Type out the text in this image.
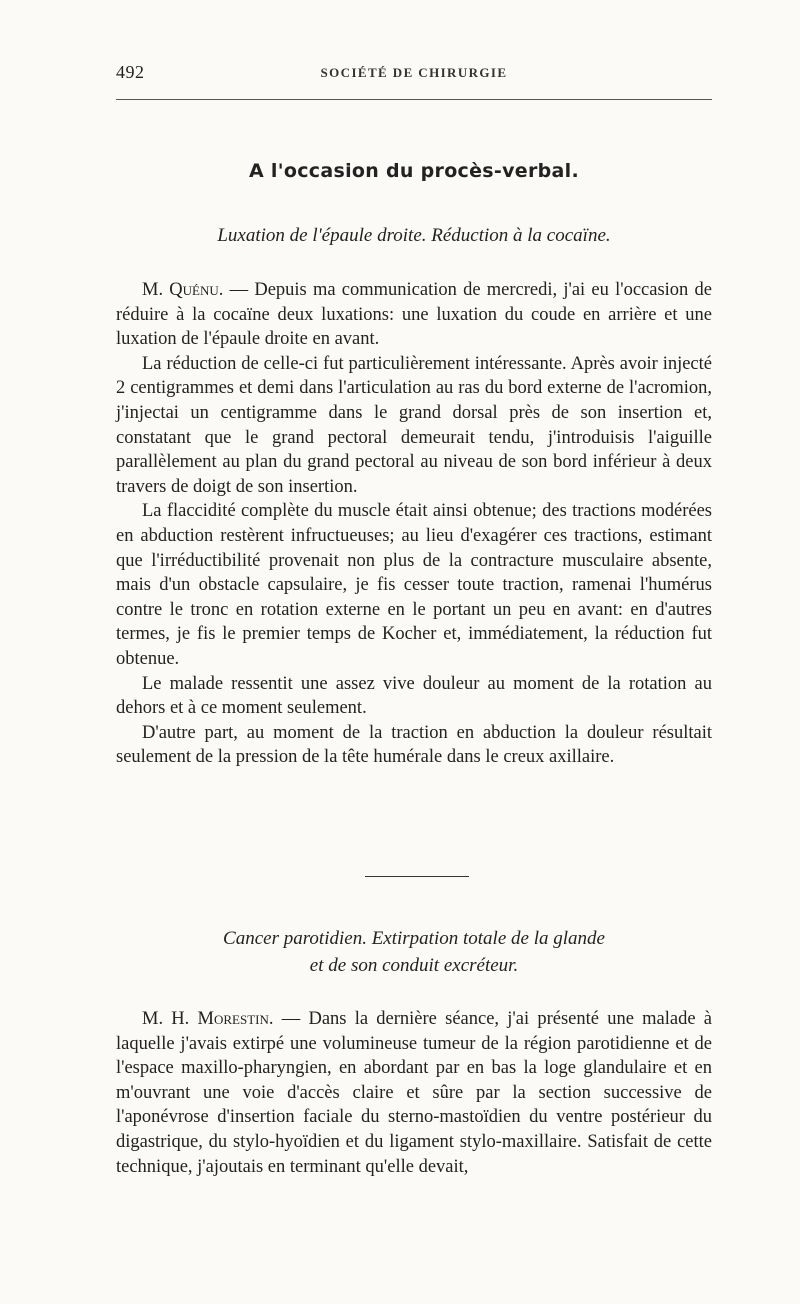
492	SOCIÉTÉ DE CHIRURGIE
A l'occasion du procès-verbal.
Luxation de l'épaule droite. Réduction à la cocaïne.

M. Quénu. — Depuis ma communication de mercredi, j'ai eu l'occasion de réduire à la cocaïne deux luxations: une luxation du coude en arrière et une luxation de l'épaule droite en avant.

La réduction de celle-ci fut particulièrement intéressante. Après avoir injecté 2 centigrammes et demi dans l'articulation au ras du bord externe de l'acromion, j'injectai un centigramme dans le grand dorsal près de son insertion et, constatant que le grand pectoral demeurait tendu, j'introduisis l'aiguille parallèlement au plan du grand pectoral au niveau de son bord inférieur à deux travers de doigt de son insertion.

La flaccidité complète du muscle était ainsi obtenue; des tractions modérées en abduction restèrent infructueuses; au lieu d'exagérer ces tractions, estimant que l'irréductibilité provenait non plus de la contracture musculaire absente, mais d'un obstacle capsulaire, je fis cesser toute traction, ramenai l'humérus contre le tronc en rotation externe en le portant un peu en avant: en d'autres termes, je fis le premier temps de Kocher et, immédiatement, la réduction fut obtenue.

Le malade ressentit une assez vive douleur au moment de la rotation au dehors et à ce moment seulement.

D'autre part, au moment de la traction en abduction la douleur résultait seulement de la pression de la tête humérale dans le creux axillaire.

Cancer parotidien. Extirpation totale de la glande
et de son conduit excréteur.

M. H. Morestin. — Dans la dernière séance, j'ai présenté une malade à laquelle j'avais extirpé une volumineuse tumeur de la région parotidienne et de l'espace maxillo-pharyngien, en abordant par en bas la loge glandulaire et en m'ouvrant une voie d'accès claire et sûre par la section successive de l'aponévrose d'insertion faciale du sterno-mastoïdien du ventre postérieur du digastrique, du stylo-hyoïdien et du ligament stylo-maxillaire. Satisfait de cette technique, j'ajoutais en terminant qu'elle devait,
